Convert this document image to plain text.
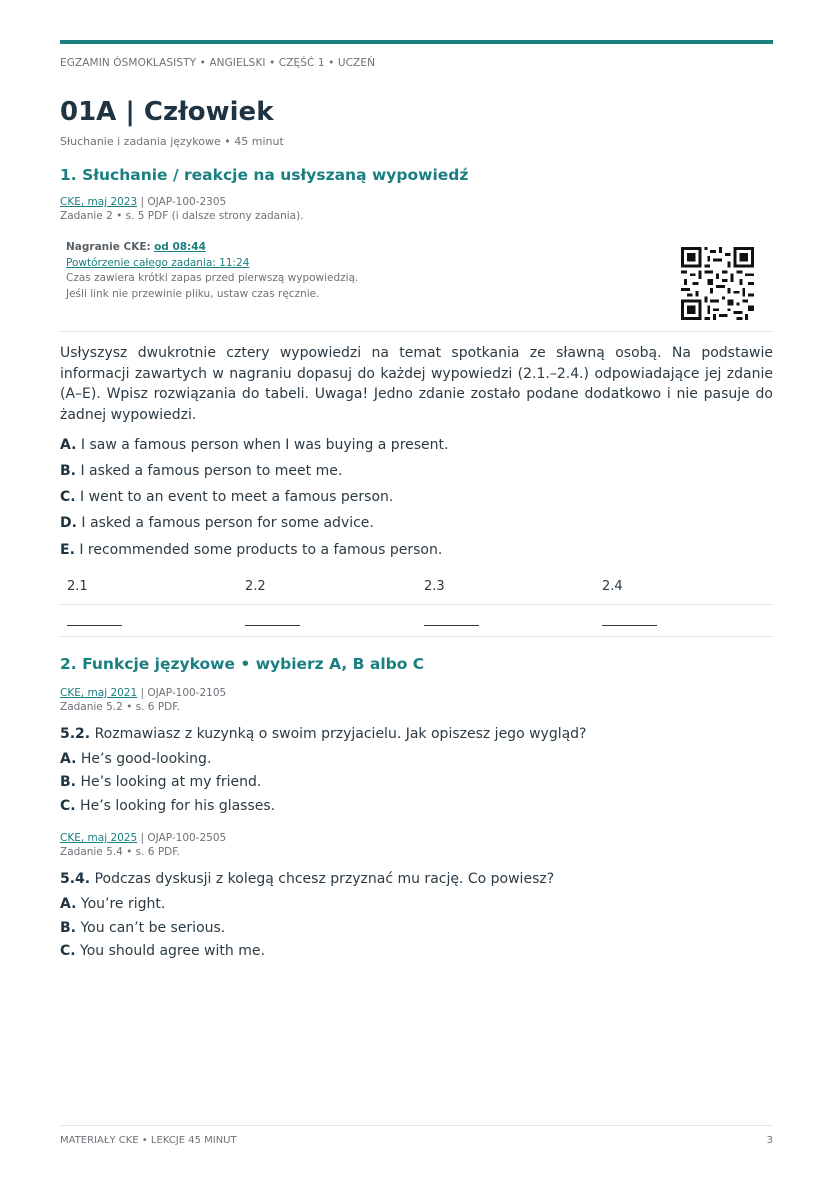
EGZAMIN ÓSMOKLASISTY • ANGIELSKI • CZĘŚĆ 1 • UCZEŃ
01A | Człowiek
Słuchanie i zadania językowe • 45 minut
1. Słuchanie / reakcje na usłyszaną wypowiedź
CKE, maj 2023 | OJAP-100-2305
Zadanie 2 • s. 5 PDF (i dalsze strony zadania).
Nagranie CKE: od 08:44
Powtórzenie całego zadania: 11:24
Czas zawiera krótki zapas przed pierwszą wypowiedzią.
Jeśli link nie przewinie pliku, ustaw czas ręcznie.

Usłyszysz dwukrotnie cztery wypowiedzi na temat spotkania ze sławną osobą. Na podstawie informacji zawartych w nagraniu dopasuj do każdej wypowiedzi (2.1.–2.4.) odpowiadające jej zdanie (A–E). Wpisz rozwiązania do tabeli. Uwaga! Jedno zdanie zostało podane dodatkowo i nie pasuje do żadnej wypowiedzi.

A. I saw a famous person when I was buying a present.
B. I asked a famous person to meet me.
C. I went to an event to meet a famous person.
D. I asked a famous person for some advice.
E. I recommended some products to a famous person.
2.1	2.2	2.3	2.4
2. Funkcje językowe • wybierz A, B albo C
CKE, maj 2021 | OJAP-100-2105
Zadanie 5.2 • s. 6 PDF.
5.2. Rozmawiasz z kuzynką o swoim przyjacielu. Jak opiszesz jego wygląd?
A. He’s good-looking.
B. He’s looking at my friend.
C. He’s looking for his glasses.
CKE, maj 2025 | OJAP-100-2505
Zadanie 5.4 • s. 6 PDF.
5.4. Podczas dyskusji z kolegą chcesz przyznać mu rację. Co powiesz?
A. You’re right.
B. You can’t be serious.
C. You should agree with me.
MATERIAŁY CKE • LEKCJE 45 MINUT	3
